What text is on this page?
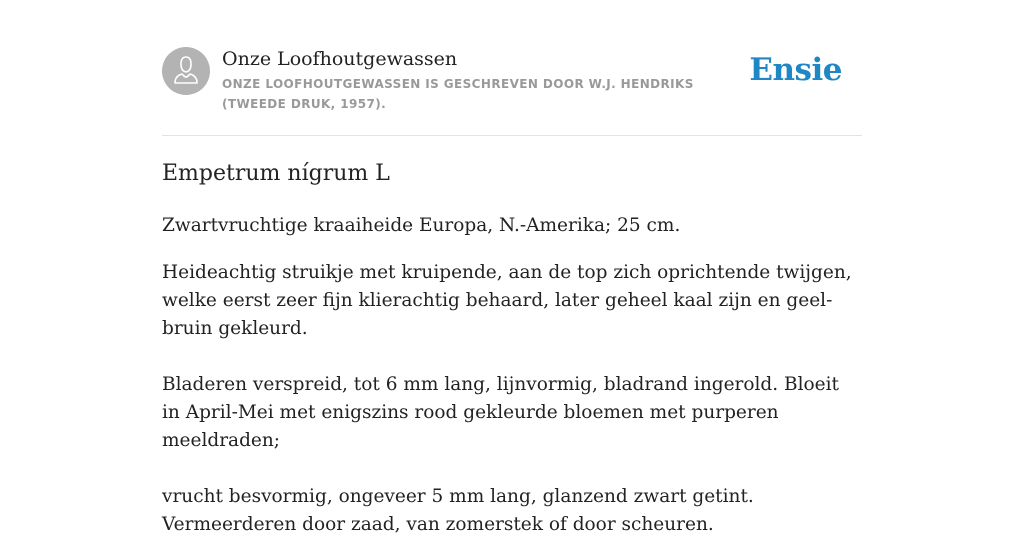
Onze Loofhoutgewassen
ONZE LOOFHOUTGEWASSEN IS GESCHREVEN DOOR W.J. HENDRIKS (TWEEDE DRUK, 1957).
Ensie
Empetrum nígrum L

Zwartvruchtige kraaiheide Europa, N.-Amerika; 25 cm.

Heideachtig struikje met kruipende, aan de top zich oprichtende twijgen, welke eerst zeer fijn klierachtig behaard, later geheel kaal zijn en geel-bruin gekleurd.

Bladeren verspreid, tot 6 mm lang, lijnvormig, bladrand ingerold. Bloeit in April-Mei met enigszins rood gekleurde bloemen met purperen meeldraden;

vrucht besvormig, ongeveer 5 mm lang, glanzend zwart getint. Vermeerderen door zaad, van zomerstek of door scheuren.
